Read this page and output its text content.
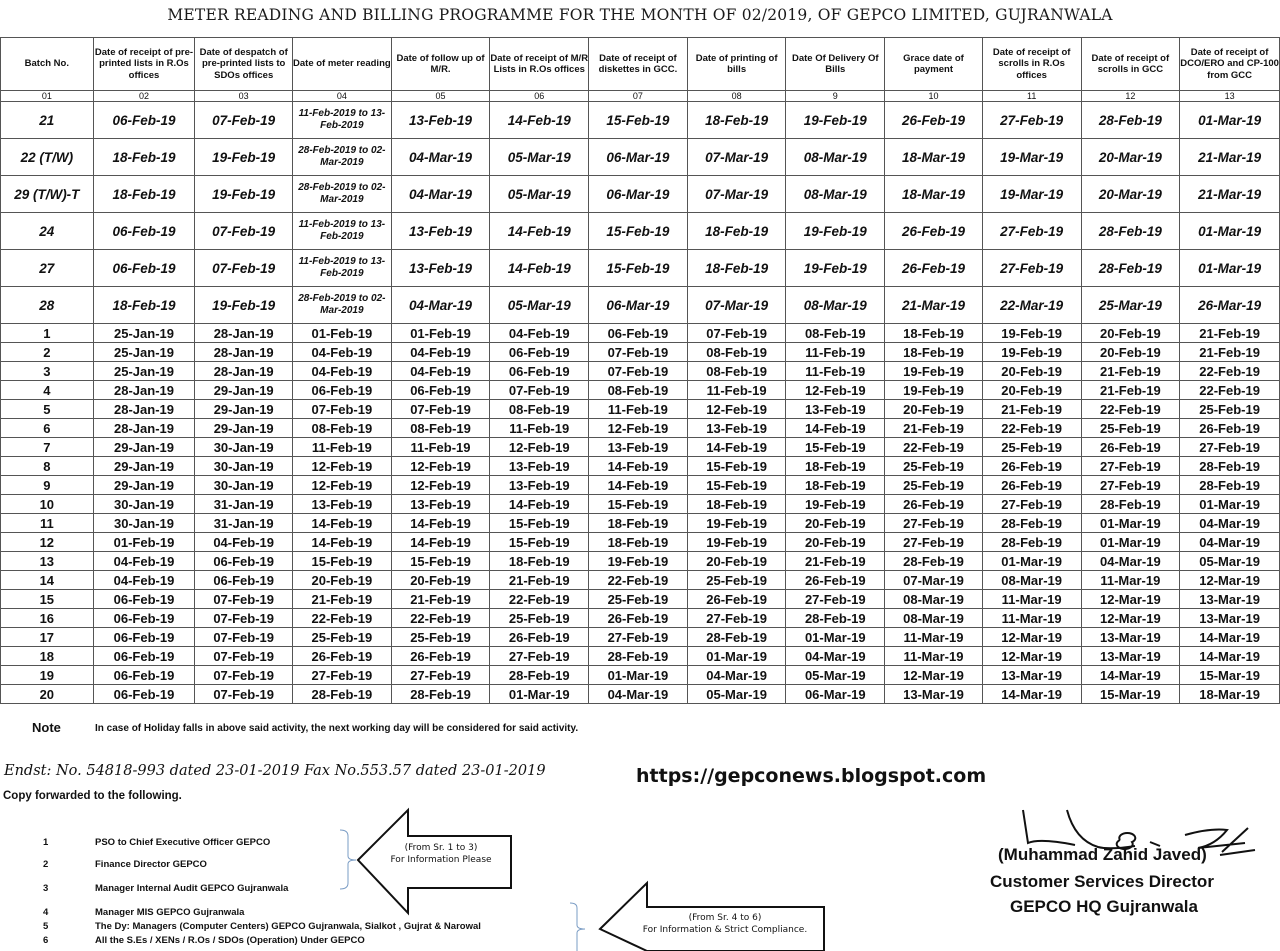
METER READING AND BILLING PROGRAMME FOR THE MONTH OF 02/2019, OF GEPCO LIMITED, GUJRANWALA
Batch No.	Date of receipt of pre-printed lists in R.Os offices	Date of despatch of pre-printed lists to SDOs offices	Date of meter reading	Date of follow up of M/R.	Date of receipt of M/R Lists in R.Os offices	Date of receipt of diskettes in GCC.	Date of printing of bills	Date Of Delivery Of Bills	Grace date of payment	Date of receipt of scrolls in R.Os offices	Date of receipt of scrolls in GCC	Date of receipt of DCO/ERO and CP-100 from GCC
01	02	03	04	05	06	07	08	9	10	11	12	13
21	06-Feb-19	07-Feb-19	11-Feb-2019 to 13-Feb-2019	13-Feb-19	14-Feb-19	15-Feb-19	18-Feb-19	19-Feb-19	26-Feb-19	27-Feb-19	28-Feb-19	01-Mar-19
22 (T/W)	18-Feb-19	19-Feb-19	28-Feb-2019 to 02-Mar-2019	04-Mar-19	05-Mar-19	06-Mar-19	07-Mar-19	08-Mar-19	18-Mar-19	19-Mar-19	20-Mar-19	21-Mar-19
29 (T/W)-T	18-Feb-19	19-Feb-19	28-Feb-2019 to 02-Mar-2019	04-Mar-19	05-Mar-19	06-Mar-19	07-Mar-19	08-Mar-19	18-Mar-19	19-Mar-19	20-Mar-19	21-Mar-19
24	06-Feb-19	07-Feb-19	11-Feb-2019 to 13-Feb-2019	13-Feb-19	14-Feb-19	15-Feb-19	18-Feb-19	19-Feb-19	26-Feb-19	27-Feb-19	28-Feb-19	01-Mar-19
27	06-Feb-19	07-Feb-19	11-Feb-2019 to 13-Feb-2019	13-Feb-19	14-Feb-19	15-Feb-19	18-Feb-19	19-Feb-19	26-Feb-19	27-Feb-19	28-Feb-19	01-Mar-19
28	18-Feb-19	19-Feb-19	28-Feb-2019 to 02-Mar-2019	04-Mar-19	05-Mar-19	06-Mar-19	07-Mar-19	08-Mar-19	21-Mar-19	22-Mar-19	25-Mar-19	26-Mar-19
1	25-Jan-19	28-Jan-19	01-Feb-19	01-Feb-19	04-Feb-19	06-Feb-19	07-Feb-19	08-Feb-19	18-Feb-19	19-Feb-19	20-Feb-19	21-Feb-19
2	25-Jan-19	28-Jan-19	04-Feb-19	04-Feb-19	06-Feb-19	07-Feb-19	08-Feb-19	11-Feb-19	18-Feb-19	19-Feb-19	20-Feb-19	21-Feb-19
3	25-Jan-19	28-Jan-19	04-Feb-19	04-Feb-19	06-Feb-19	07-Feb-19	08-Feb-19	11-Feb-19	19-Feb-19	20-Feb-19	21-Feb-19	22-Feb-19
4	28-Jan-19	29-Jan-19	06-Feb-19	06-Feb-19	07-Feb-19	08-Feb-19	11-Feb-19	12-Feb-19	19-Feb-19	20-Feb-19	21-Feb-19	22-Feb-19
5	28-Jan-19	29-Jan-19	07-Feb-19	07-Feb-19	08-Feb-19	11-Feb-19	12-Feb-19	13-Feb-19	20-Feb-19	21-Feb-19	22-Feb-19	25-Feb-19
6	28-Jan-19	29-Jan-19	08-Feb-19	08-Feb-19	11-Feb-19	12-Feb-19	13-Feb-19	14-Feb-19	21-Feb-19	22-Feb-19	25-Feb-19	26-Feb-19
7	29-Jan-19	30-Jan-19	11-Feb-19	11-Feb-19	12-Feb-19	13-Feb-19	14-Feb-19	15-Feb-19	22-Feb-19	25-Feb-19	26-Feb-19	27-Feb-19
8	29-Jan-19	30-Jan-19	12-Feb-19	12-Feb-19	13-Feb-19	14-Feb-19	15-Feb-19	18-Feb-19	25-Feb-19	26-Feb-19	27-Feb-19	28-Feb-19
9	29-Jan-19	30-Jan-19	12-Feb-19	12-Feb-19	13-Feb-19	14-Feb-19	15-Feb-19	18-Feb-19	25-Feb-19	26-Feb-19	27-Feb-19	28-Feb-19
10	30-Jan-19	31-Jan-19	13-Feb-19	13-Feb-19	14-Feb-19	15-Feb-19	18-Feb-19	19-Feb-19	26-Feb-19	27-Feb-19	28-Feb-19	01-Mar-19
11	30-Jan-19	31-Jan-19	14-Feb-19	14-Feb-19	15-Feb-19	18-Feb-19	19-Feb-19	20-Feb-19	27-Feb-19	28-Feb-19	01-Mar-19	04-Mar-19
12	01-Feb-19	04-Feb-19	14-Feb-19	14-Feb-19	15-Feb-19	18-Feb-19	19-Feb-19	20-Feb-19	27-Feb-19	28-Feb-19	01-Mar-19	04-Mar-19
13	04-Feb-19	06-Feb-19	15-Feb-19	15-Feb-19	18-Feb-19	19-Feb-19	20-Feb-19	21-Feb-19	28-Feb-19	01-Mar-19	04-Mar-19	05-Mar-19
14	04-Feb-19	06-Feb-19	20-Feb-19	20-Feb-19	21-Feb-19	22-Feb-19	25-Feb-19	26-Feb-19	07-Mar-19	08-Mar-19	11-Mar-19	12-Mar-19
15	06-Feb-19	07-Feb-19	21-Feb-19	21-Feb-19	22-Feb-19	25-Feb-19	26-Feb-19	27-Feb-19	08-Mar-19	11-Mar-19	12-Mar-19	13-Mar-19
16	06-Feb-19	07-Feb-19	22-Feb-19	22-Feb-19	25-Feb-19	26-Feb-19	27-Feb-19	28-Feb-19	08-Mar-19	11-Mar-19	12-Mar-19	13-Mar-19
17	06-Feb-19	07-Feb-19	25-Feb-19	25-Feb-19	26-Feb-19	27-Feb-19	28-Feb-19	01-Mar-19	11-Mar-19	12-Mar-19	13-Mar-19	14-Mar-19
18	06-Feb-19	07-Feb-19	26-Feb-19	26-Feb-19	27-Feb-19	28-Feb-19	01-Mar-19	04-Mar-19	11-Mar-19	12-Mar-19	13-Mar-19	14-Mar-19
19	06-Feb-19	07-Feb-19	27-Feb-19	27-Feb-19	28-Feb-19	01-Mar-19	04-Mar-19	05-Mar-19	12-Mar-19	13-Mar-19	14-Mar-19	15-Mar-19
20	06-Feb-19	07-Feb-19	28-Feb-19	28-Feb-19	01-Mar-19	04-Mar-19	05-Mar-19	06-Mar-19	13-Mar-19	14-Mar-19	15-Mar-19	18-Mar-19
Note	In case of Holiday falls in above said activity, the next working day will be considered for said activity.
Endst: No. 54818-993 dated 23-01-2019 Fax No.553.57 dated 23-01-2019	https://gepconews.blogspot.com
Copy forwarded to the following.
1	PSO to Chief Executive Officer GEPCO
2	Finance Director GEPCO
3	Manager Internal Audit GEPCO Gujranwala
4	Manager MIS GEPCO Gujranwala
5	The Dy: Managers (Computer Centers) GEPCO Gujranwala, Sialkot , Gujrat & Narowal
6	All the S.Es / XENs / R.Os / SDOs (Operation) Under GEPCO
(From Sr. 1 to 3)
For Information Please
(From Sr. 4 to 6)
For Information & Strict Compliance.
(Muhammad Zahid Javed)
Customer Services Director
GEPCO HQ Gujranwala
